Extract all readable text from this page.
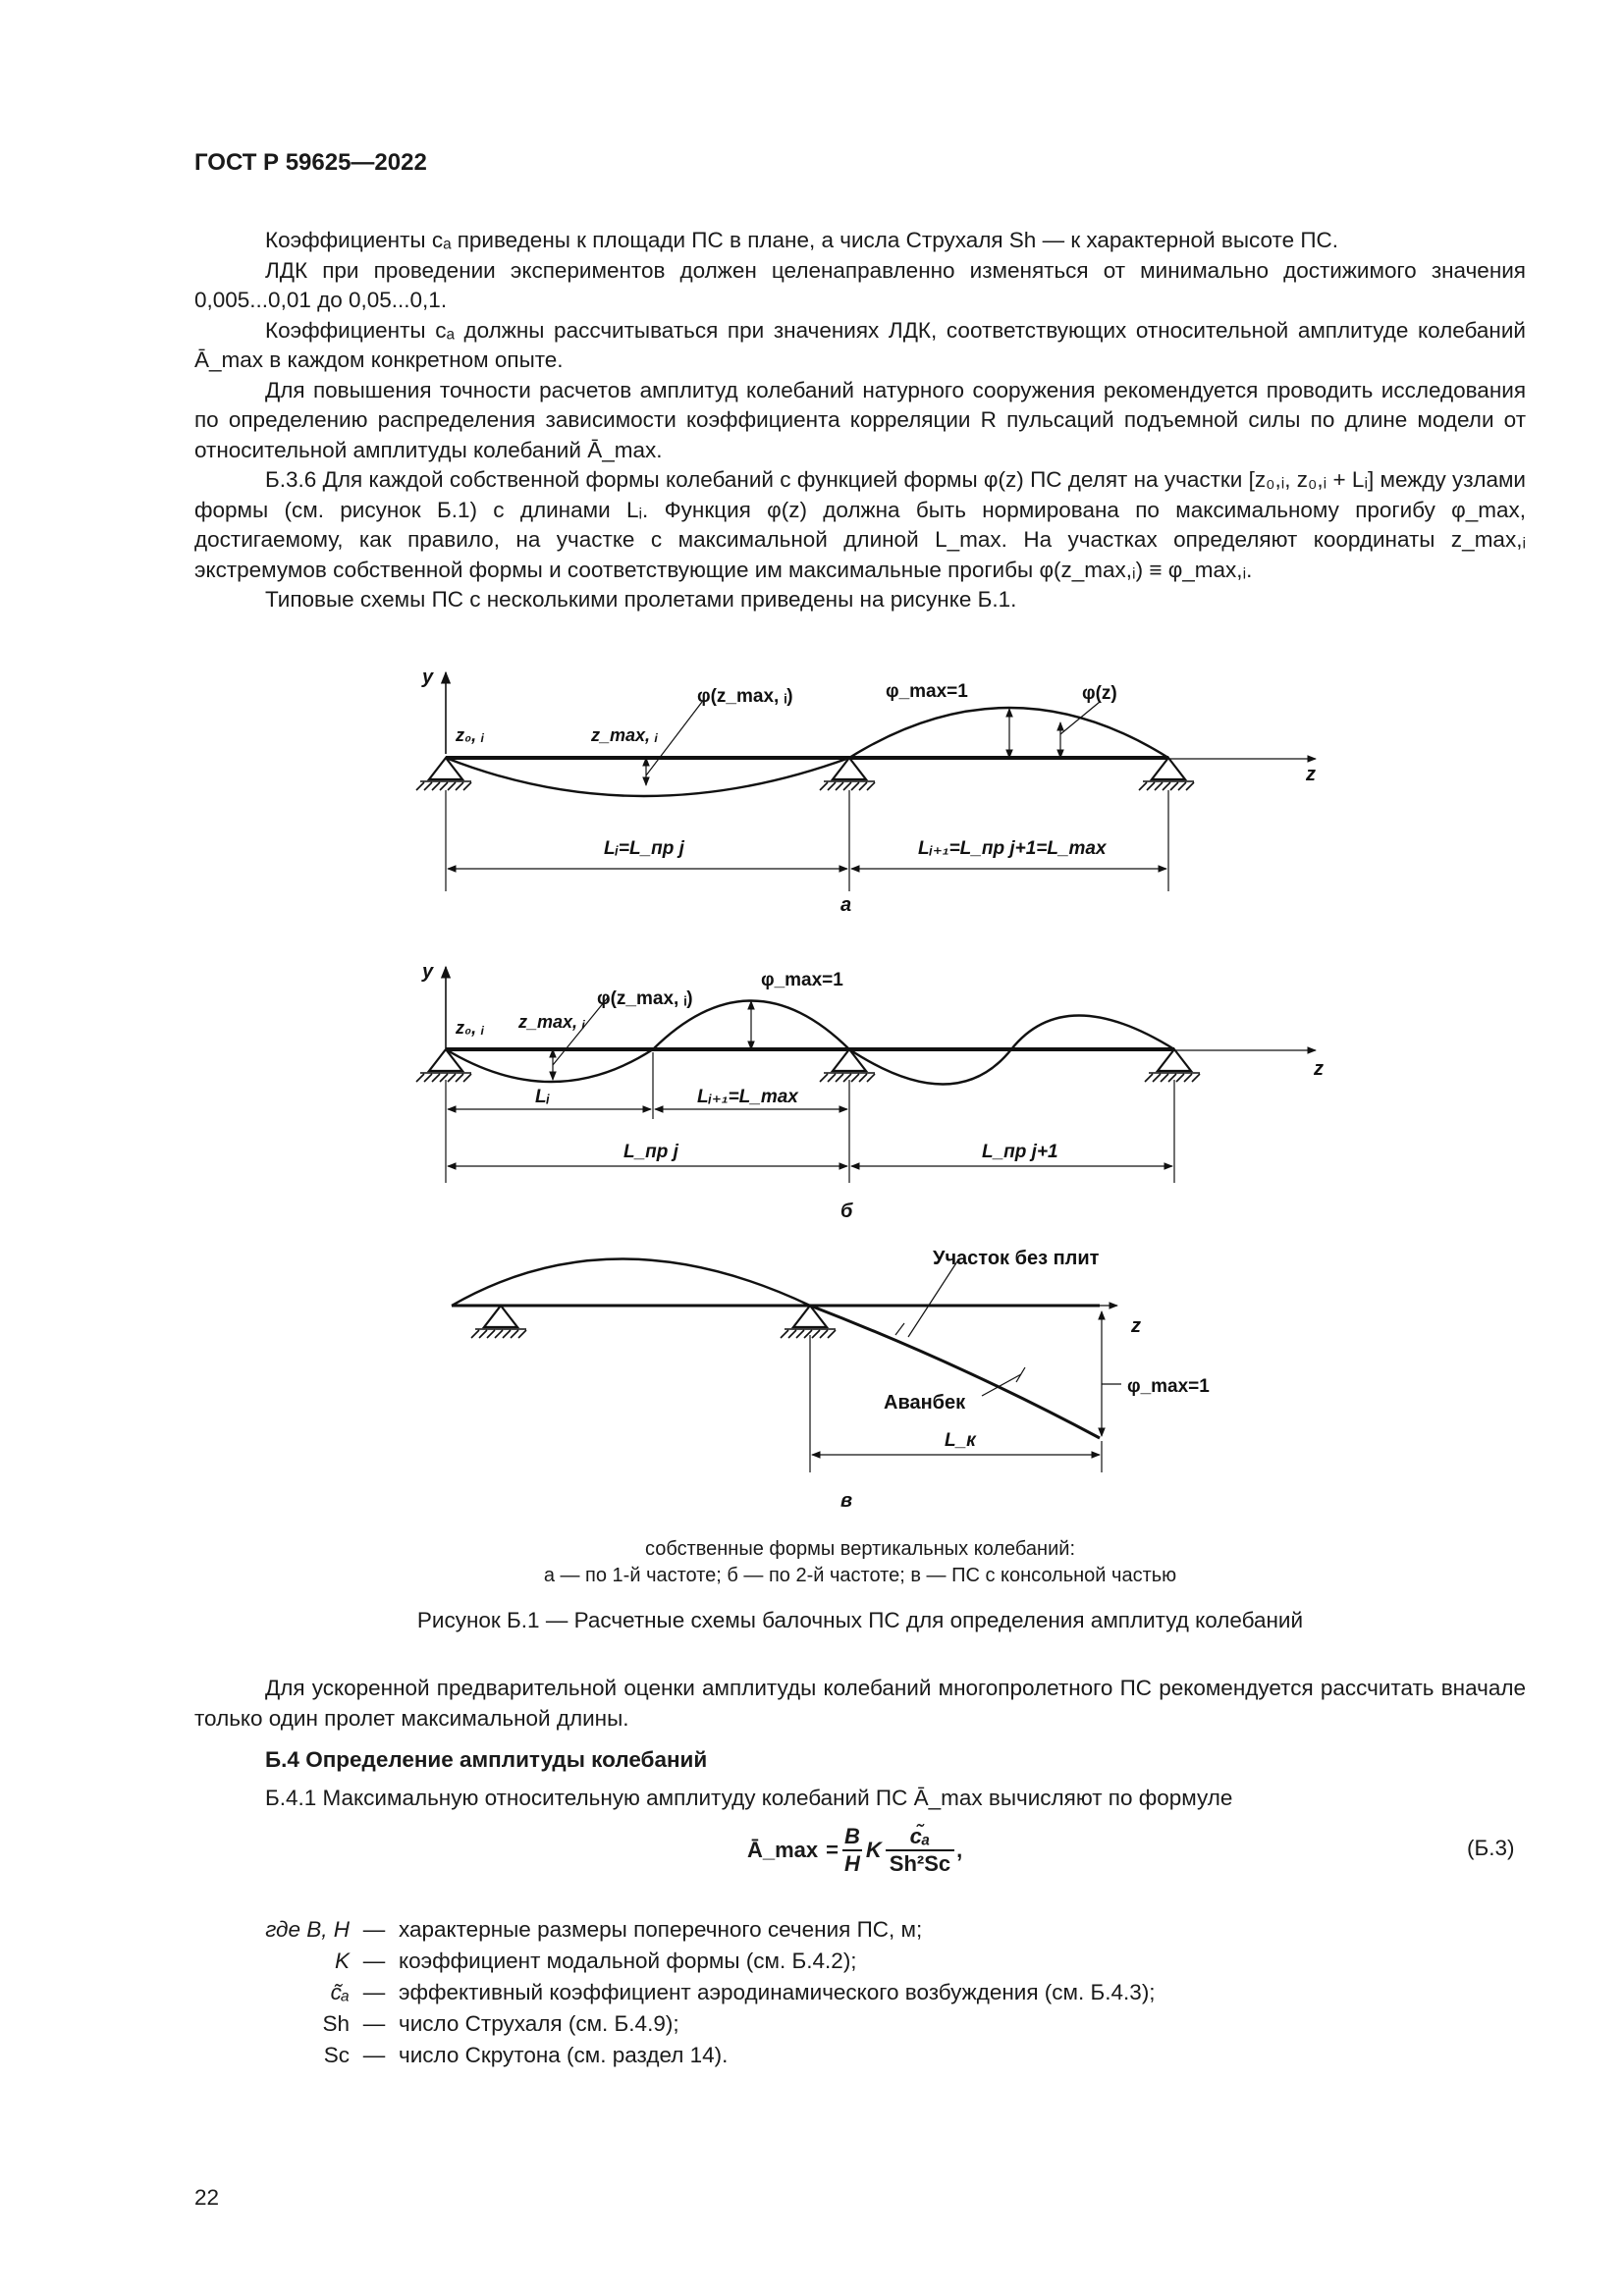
ГОСТ Р 59625—2022

Коэффициенты cₐ приведены к площади ПС в плане, а числа Струхаля Sh — к характерной высоте ПС.

ЛДК при проведении экспериментов должен целенаправленно изменяться от минимально достижимого значения 0,005...0,01 до 0,05...0,1.

Коэффициенты cₐ должны рассчитываться при значениях ЛДК, соответствующих относительной амплитуде колебаний Ā_max в каждом конкретном опыте.

Для повышения точности расчетов амплитуд колебаний натурного сооружения рекомендуется проводить исследования по определению распределения зависимости коэффициента корреляции R пульсаций подъемной силы по длине модели от относительной амплитуды колебаний Ā_max.

Б.3.6 Для каждой собственной формы колебаний с функцией формы φ(z) ПС делят на участки [z₀,ᵢ, z₀,ᵢ + Lᵢ] между узлами формы (см. рисунок Б.1) с длинами Lᵢ. Функция φ(z) должна быть нормирована по максимальному прогибу φ_max, достигаемому, как правило, на участке с максимальной длиной L_max. На участках определяют координаты z_max,ᵢ экстремумов собственной формы и соответствующие им максимальные прогибы φ(z_max,ᵢ) ≡ φ_max,ᵢ.

Типовые схемы ПС с несколькими пролетами приведены на рисунке Б.1.

y
z
z₀, ᵢ	z_max, ᵢ
φ(z_max, ᵢ)	φ_max=1	φ(z)
Lᵢ=L_пр j	Lᵢ₊₁=L_пр j+1=L_max
а
y
z
z₀, ᵢ z_max, ᵢ
φ(z_max, ᵢ)
φ_max=1
Lᵢ	Lᵢ₊₁=L_max
L_пр j	L_пр j+1
б
z
Участок без плит
Аванбек
φ_max=1
L_к
в
собственные формы вертикальных колебаний:
а — по 1-й частоте; б — по 2-й частоте; в — ПС с консольной частью
Рисунок Б.1 — Расчетные схемы балочных ПС для определения амплитуд колебаний

Для ускоренной предварительной оценки амплитуды колебаний многопролетного ПС рекомендуется рассчитать вначале только один пролет максимальной длины.

Б.4 Определение амплитуды колебаний

Б.4.1 Максимальную относительную амплитуду колебаний ПС Ā_max вычисляют по формуле

Ā_max	=	B	K	c̃ₐ	,
		H		Sh²Sc	
(Б.3)
где B, H — характерные размеры поперечного сечения ПС, м;
K — коэффициент модальной формы (см. Б.4.2);
c̃ₐ — эффективный коэффициент аэродинамического возбуждения (см. Б.4.3);
Sh — число Струхаля (см. Б.4.9);
Sc — число Скрутона (см. раздел 14).
22
